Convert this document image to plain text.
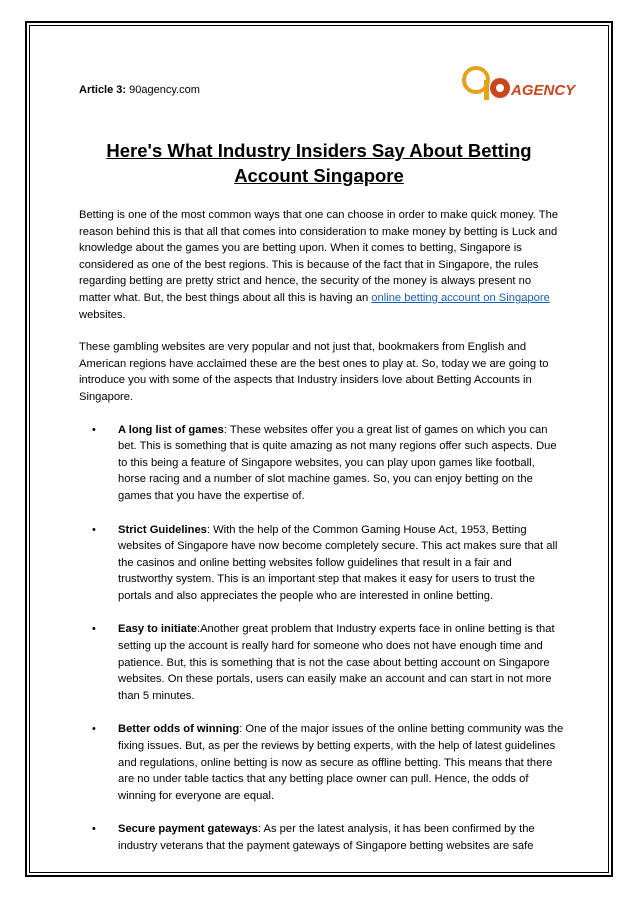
Article 3: 90agency.com	AGENCY
Here's What Industry Insiders Say About Betting
Account Singapore

Betting is one of the most common ways that one can choose in order to make quick money. The reason behind this is that all that comes into consideration to make money by betting is Luck and knowledge about the games you are betting upon. When it comes to betting, Singapore is considered as one of the best regions. This is because of the fact that in Singapore, the rules regarding betting are pretty strict and hence, the security of the money is always present no matter what. But, the best things about all this is having an online betting account on Singapore websites.

These gambling websites are very popular and not just that, bookmakers from English and American regions have acclaimed these are the best ones to play at. So, today we are going to introduce you with some of the aspects that Industry insiders love about Betting Accounts in Singapore.

• A long list of games: These websites offer you a great list of games on which you can bet. This is something that is quite amazing as not many regions offer such aspects. Due to this being a feature of Singapore websites, you can play upon games like football, horse racing and a number of slot machine games. So, you can enjoy betting on the games that you have the expertise of.
• Strict Guidelines: With the help of the Common Gaming House Act, 1953, Betting websites of Singapore have now become completely secure. This act makes sure that all the casinos and online betting websites follow guidelines that result in a fair and trustworthy system. This is an important step that makes it easy for users to trust the portals and also appreciates the people who are interested in online betting.
• Easy to initiate:Another great problem that Industry experts face in online betting is that setting up the account is really hard for someone who does not have enough time and patience. But, this is something that is not the case about betting account on Singapore websites. On these portals, users can easily make an account and can start in not more than 5 minutes.
• Better odds of winning: One of the major issues of the online betting community was the fixing issues. But, as per the reviews by betting experts, with the help of latest guidelines and regulations, online betting is now as secure as offline betting. This means that there are no under table tactics that any betting place owner can pull. Hence, the odds of winning for everyone are equal.
• Secure payment gateways: As per the latest analysis, it has been confirmed by the industry veterans that the payment gateways of Singapore betting websites are safe
